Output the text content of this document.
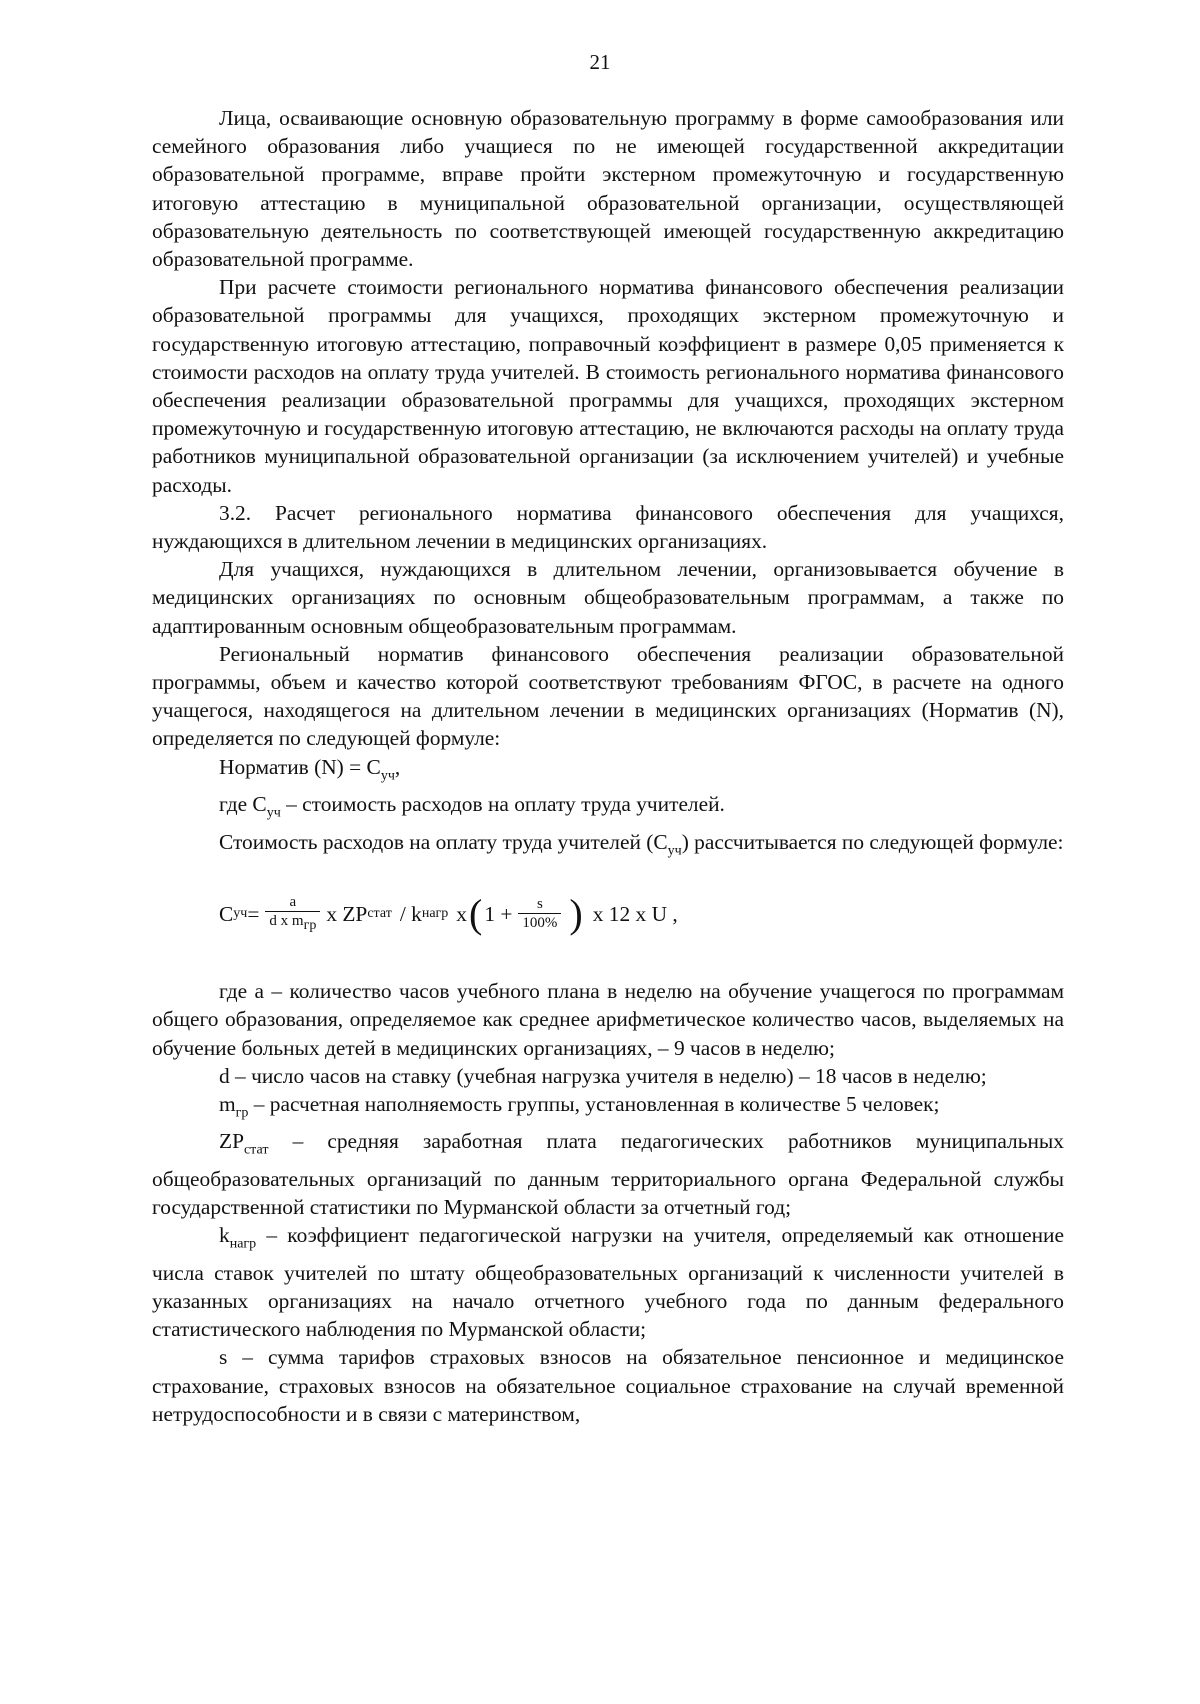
21

Лица, осваивающие основную образовательную программу в форме самообразования или семейного образования либо учащиеся по не имеющей государственной аккредитации образовательной программе, вправе пройти экстерном промежуточную и государственную итоговую аттестацию в муниципальной образовательной организации, осуществляющей образовательную деятельность по соответствующей имеющей государственную аккредитацию образовательной программе.

При расчете стоимости регионального норматива финансового обеспечения реализации образовательной программы для учащихся, проходящих экстерном промежуточную и государственную итоговую аттестацию, поправочный коэффициент в размере 0,05 применяется к стоимости расходов на оплату труда учителей. В стоимость регионального норматива финансового обеспечения реализации образовательной программы для учащихся, проходящих экстерном промежуточную и государственную итоговую аттестацию, не включаются расходы на оплату труда работников муниципальной образовательной организации (за исключением учителей) и учебные расходы.

3.2. Расчет регионального норматива финансового обеспечения для учащихся, нуждающихся в длительном лечении в медицинских организациях.

Для учащихся, нуждающихся в длительном лечении, организовывается обучение в медицинских организациях по основным общеобразовательным программам, а также по адаптированным основным общеобразовательным программам.

Региональный норматив финансового обеспечения реализации образовательной программы, объем и качество которой соответствуют требованиям ФГОС, в расчете на одного учащегося, находящегося на длительном лечении в медицинских организациях (Норматив (N), определяется по следующей формуле:

Норматив $(N) = С_{уч}$,

где $С_{уч}$ – стоимость расходов на оплату труда учителей.

Стоимость расходов на оплату труда учителей $(С_{уч})$ рассчитывается по следующей формуле:

С уч = $\frac{a}{d x m_{гр}}$ x ZP стат / k нагр x ( $1 + \frac{s}{100\%}$ ) x 12 x U ,

где а – количество часов учебного плана в неделю на обучение учащегося по программам общего образования, определяемое как среднее арифметическое количество часов, выделяемых на обучение больных детей в медицинских организациях, – 9 часов в неделю;

d – число часов на ставку (учебная нагрузка учителя в неделю) – 18 часов в неделю;

$m_{гр}$ – расчетная наполняемость группы, установленная в количестве 5 человек;

$ZP_{стат}$ – средняя заработная плата педагогических работников муниципальных общеобразовательных организаций по данным территориального органа Федеральной службы государственной статистики по Мурманской области за отчетный год;

$k_{нагр}$ – коэффициент педагогической нагрузки на учителя, определяемый как отношение числа ставок учителей по штату общеобразовательных организаций к численности учителей в указанных организациях на начало отчетного учебного года по данным федерального статистического наблюдения по Мурманской области;

s – сумма тарифов страховых взносов на обязательное пенсионное и медицинское страхование, страховых взносов на обязательное социальное страхование на случай временной нетрудоспособности и в связи с материнством,
